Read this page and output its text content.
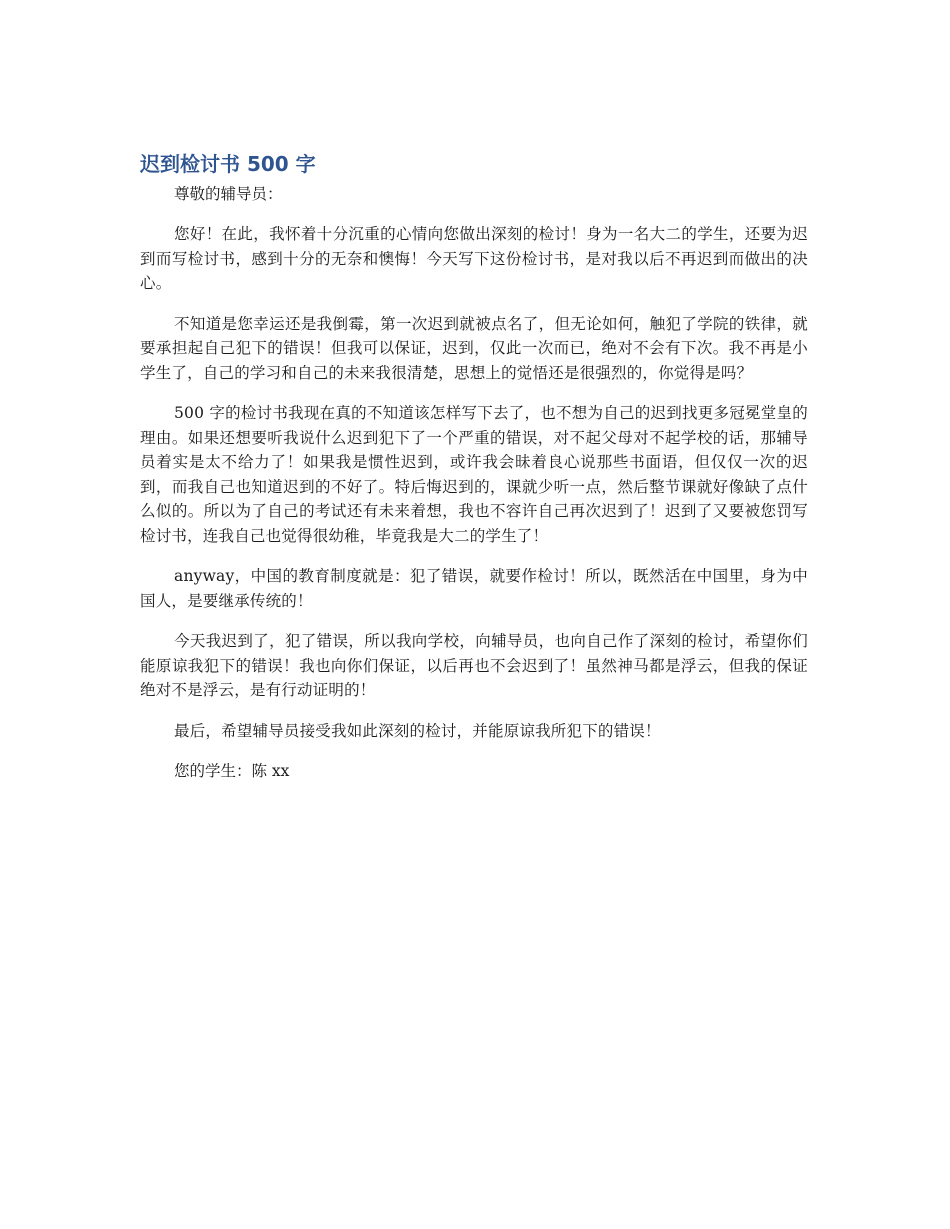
迟到检讨书 500 字

尊敬的辅导员：

您好！在此，我怀着十分沉重的心情向您做出深刻的检讨！身为一名大二的学生，还要为迟到而写检讨书，感到十分的无奈和懊悔！今天写下这份检讨书，是对我以后不再迟到而做出的决心。

不知道是您幸运还是我倒霉，第一次迟到就被点名了，但无论如何，触犯了学院的铁律，就要承担起自己犯下的错误！但我可以保证，迟到，仅此一次而已，绝对不会有下次。我不再是小学生了，自己的学习和自己的未来我很清楚，思想上的觉悟还是很强烈的，你觉得是吗？

500 字的检讨书我现在真的不知道该怎样写下去了，也不想为自己的迟到找更多冠冕堂皇的理由。如果还想要听我说什么迟到犯下了一个严重的错误，对不起父母对不起学校的话，那辅导员着实是太不给力了！如果我是惯性迟到，或许我会昧着良心说那些书面语，但仅仅一次的迟到，而我自己也知道迟到的不好了。特后悔迟到的，课就少听一点，然后整节课就好像缺了点什么似的。所以为了自己的考试还有未来着想，我也不容许自己再次迟到了！迟到了又要被您罚写检讨书，连我自己也觉得很幼稚，毕竟我是大二的学生了！

anyway，中国的教育制度就是：犯了错误，就要作检讨！所以，既然活在中国里，身为中国人，是要继承传统的！

今天我迟到了，犯了错误，所以我向学校，向辅导员，也向自己作了深刻的检讨，希望你们能原谅我犯下的错误！我也向你们保证，以后再也不会迟到了！虽然神马都是浮云，但我的保证绝对不是浮云，是有行动证明的！

最后，希望辅导员接受我如此深刻的检讨，并能原谅我所犯下的错误！

您的学生：陈 xx
